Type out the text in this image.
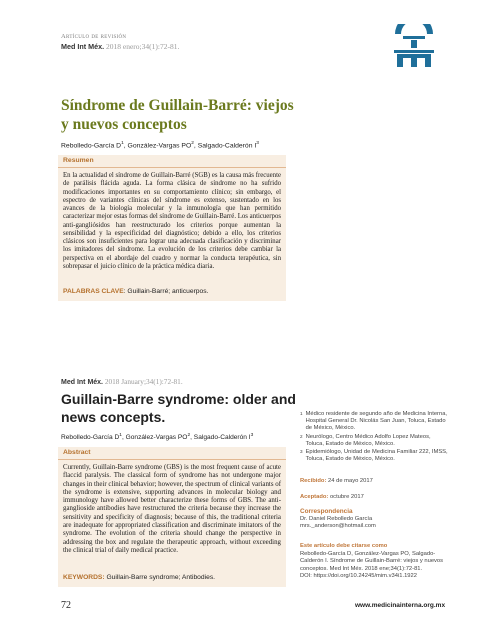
Artículo de revisión
Med Int Méx. 2018 enero;34(1):72-81.
Síndrome de Guillain-Barré: viejos y nuevos conceptos
Rebolledo-García $D^1$, González-Vargas $PO^2$, Salgado-Calderón $I^3$
Resumen
En la actualidad el síndrome de Guillain-Barré (SGB) es la causa más frecuente de parálisis flácida aguda. La forma clásica de síndrome no ha sufrido modificaciones importantes en su comportamiento clínico; sin embargo, el espectro de variantes clínicas del síndrome es extenso, sustentado en los avances de la biología molecular y la inmunología que han permitido caracterizar mejor estas formas del síndrome de Guillain-Barré. Los anticuerpos anti-gangliósidos han reestructurado los criterios porque aumentan la sensibilidad y la especificidad del diagnóstico; debido a ello, los criterios clásicos son insuficientes para lograr una adecuada clasificación y discriminar los imitadores del síndrome. La evolución de los criterios debe cambiar la perspectiva en el abordaje del cuadro y normar la conducta terapéutica, sin sobrepasar el juicio clínico de la práctica médica diaria.
PALABRAS CLAVE: Guillain-Barré; anticuerpos.
Med Int Méx. 2018 January;34(1):72-81.
Guillain-Barre syndrome: older and news concepts.
Rebolledo-García $D^1$, González-Vargas $PO^2$, Salgado-Calderón $I^3$
Abstract
Currently, Guillain-Barre syndrome (GBS) is the most frequent cause of acute flaccid paralysis. The classical form of syndrome has not undergone major changes in their clinical behavior; however, the spectrum of clinical variants of the syndrome is extensive, supporting advances in molecular biology and immunology have allowed better characterize these forms of GBS. The anti-ganglioside antibodies have restructured the criteria because they increase the sensitivity and specificity of diagnosis; because of this, the traditional criteria are inadequate for appropriated classification and discriminate imitators of the syndrome. The evolution of the criteria should change the perspective in addressing the box and regulate the therapeutic approach, without exceeding the clinical trial of daily medical practice.
KEYWORDS: Guillain-Barre syndrome; Antibodies.
1 Médico residente de segundo año de Medicina Interna, Hospital General Dr. Nicolás San Juan, Toluca, Estado de México, México.
2 Neurólogo, Centro Médico Adolfo Lopez Mateos, Toluca, Estado de México, México.
3 Epidemiólogo, Unidad de Medicina Familiar 222, IMSS, Toluca, Estado de México, México.
Recibido: 24 de mayo 2017
Aceptado: octubre 2017
Correspondencia
Dr. Daniel Rebolledo García
mrs._anderson@hotmail.com
Este artículo debe citarse como
Rebolledo-García D, González-Vargas PO, Salgado-Calderón I. Síndrome de Guillain-Barré: viejos y nuevos conceptos. Med Int Méx. 2018 ene;34(1):72-81.
DOI: https://doi.org/10.24245/mim.v34i1.1922
72	www.medicinainterna.org.mx
